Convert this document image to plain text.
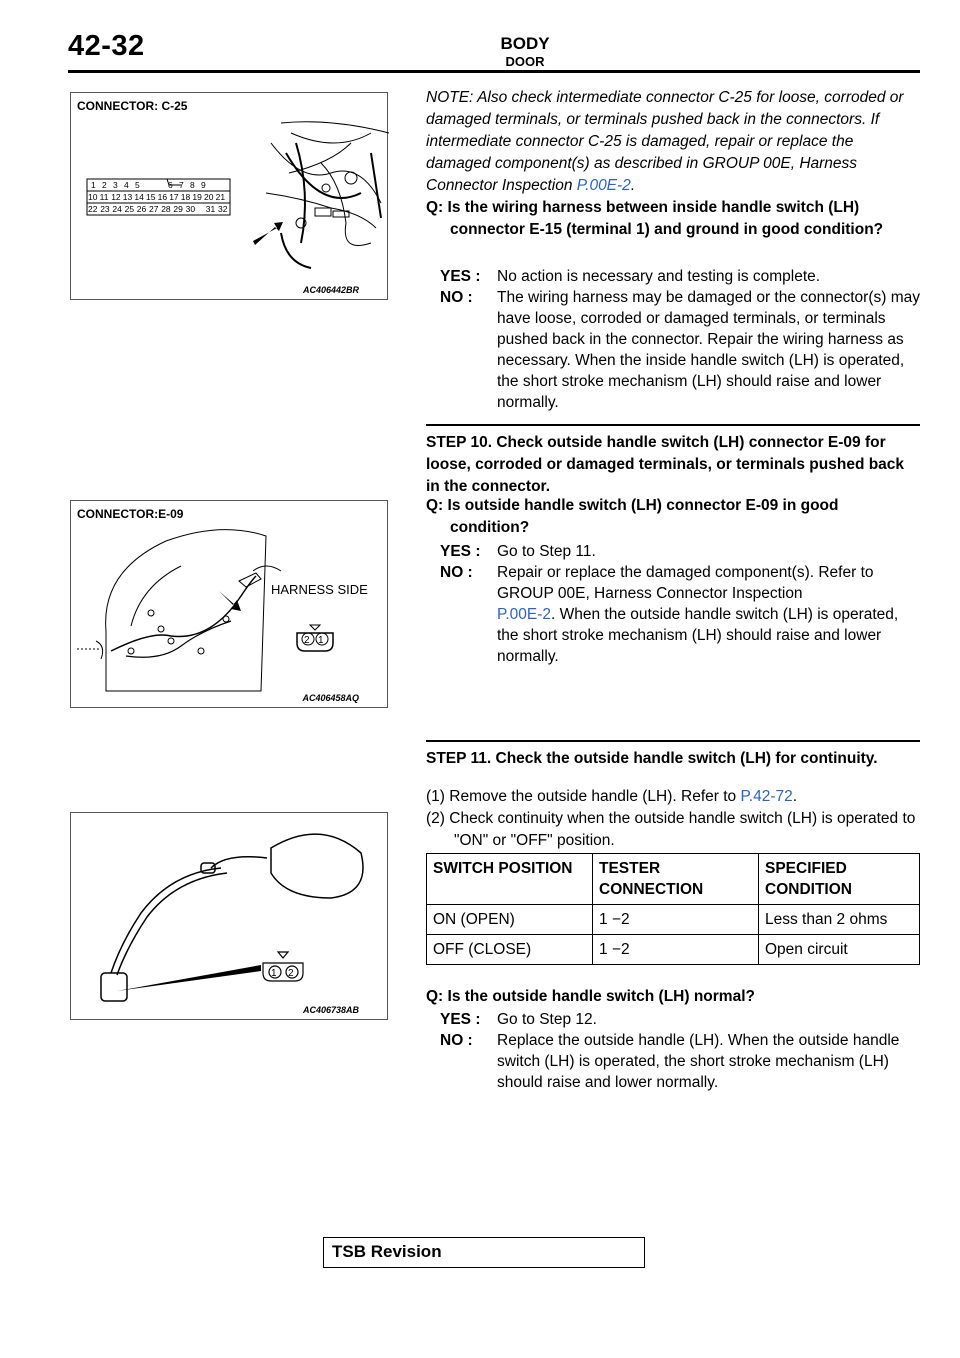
42-32	BODY
DOOR
1 2 3 4 5	6 7 8 9
10 11 12 13 14 15 16 17 18 19 20 21
22 23 24 25 26 27 28 29 30 31 32
CONNECTOR: C-25
AC406442BR
2 1
HARNESS SIDE
CONNECTOR:E-09
AC406458AQ
1 2
AC406738AB
NOTE: Also check intermediate connector C-25 for loose, corroded or damaged terminals, or terminals pushed back in the connectors. If intermediate connector C-25 is damaged, repair or replace the damaged component(s) as described in GROUP 00E, Harness Connector Inspection P.00E-2.
Q: Is the wiring harness between inside handle switch (LH) connector E-15 (terminal 1) and ground in good condition?
YES : No action is necessary and testing is complete.
NO : The wiring harness may be damaged or the connector(s) may have loose, corroded or damaged terminals, or terminals pushed back in the connector. Repair the wiring harness as necessary. When the inside handle switch (LH) is operated, the short stroke mechanism (LH) should raise and lower normally.
STEP 10. Check outside handle switch (LH) connector E-09 for loose, corroded or damaged terminals, or terminals pushed back in the connector.
Q: Is outside handle switch (LH) connector E-09 in good condition?
YES : Go to Step 11.
NO : Repair or replace the damaged component(s). Refer to GROUP 00E, Harness Connector Inspection
P.00E-2. When the outside handle switch (LH) is operated, the short stroke mechanism (LH) should raise and lower normally.
STEP 11. Check the outside handle switch (LH) for continuity.
(1) Remove the outside handle (LH). Refer to P.42-72.
(2) Check continuity when the outside handle switch (LH) is operated to "ON" or "OFF" position.
SWITCH POSITION	TESTER CONNECTION	SPECIFIED CONDITION
ON (OPEN)	1 −2	Less than 2 ohms
OFF (CLOSE)	1 −2	Open circuit
Q: Is the outside handle switch (LH) normal?
YES : Go to Step 12.
NO : Replace the outside handle (LH). When the outside handle switch (LH) is operated, the short stroke mechanism (LH) should raise and lower normally.
TSB Revision
